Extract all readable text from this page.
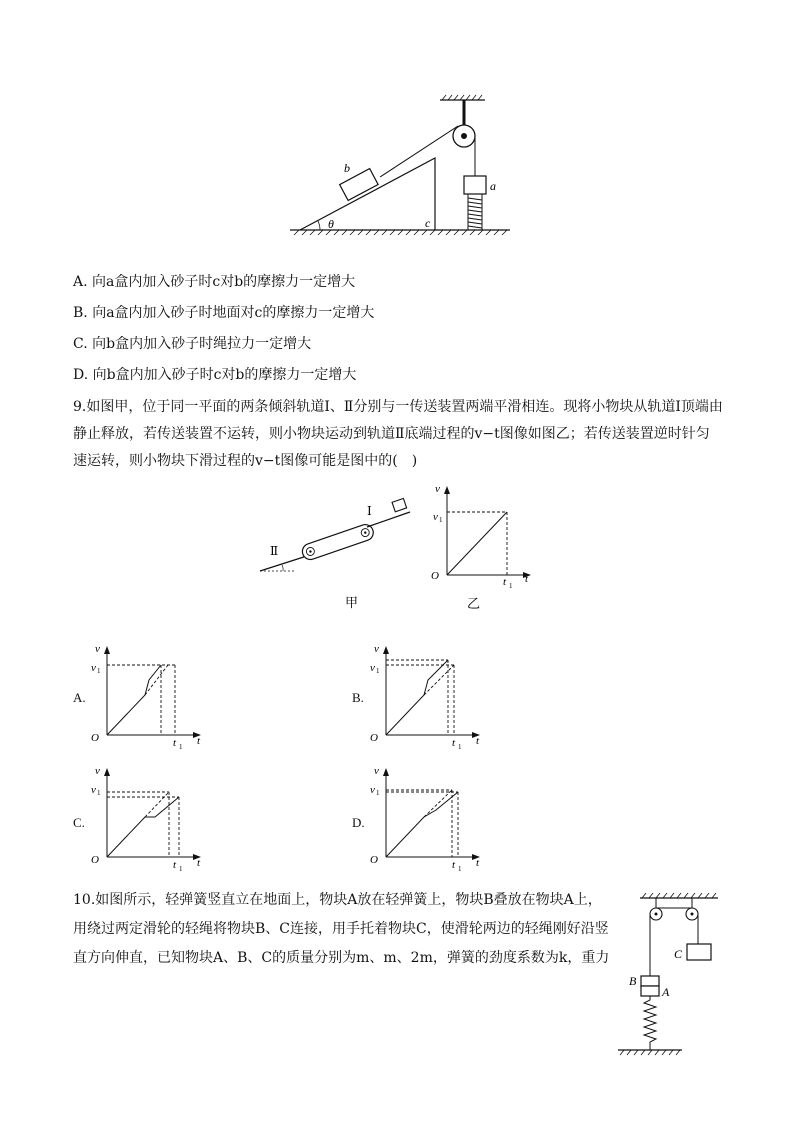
θ
b
c
a
A. 向a盒内加入砂子时c对b的摩擦力一定增大
B. 向a盒内加入砂子时地面对c的摩擦力一定增大
C. 向b盒内加入砂子时绳拉力一定增大
D. 向b盒内加入砂子时c对b的摩擦力一定增大
9.如图甲，位于同一平面的两条倾斜轨道Ⅰ、Ⅱ分别与一传送装置两端平滑相连。现将小物块从轨道Ⅰ顶端由静止释放，若传送装置不运转，则小物块运动到轨道Ⅱ底端过程的v−t图像如图乙；若传送装置逆时针匀速运转，则小物块下滑过程的v−t图像可能是图中的(　)
Ⅰ
Ⅱ
甲
v
v 1
O	t 1
t
乙
A.
v
v 1
O	t 1 t
B.
v
v 1
O	t 1 t
C.
v
v 1
O	t 1 t
D.
v
v 1
O	t 1 t
10.如图所示，轻弹簧竖直立在地面上，物块A放在轻弹簧上，物块B叠放在物块A上，用绕过两定滑轮的轻绳将物块B、C连接，用手托着物块C，使滑轮两边的轻绳刚好沿竖直方向伸直，已知物块A、B、C的质量分别为m、m、2m，弹簧的劲度系数为k，重力	C
B
A
